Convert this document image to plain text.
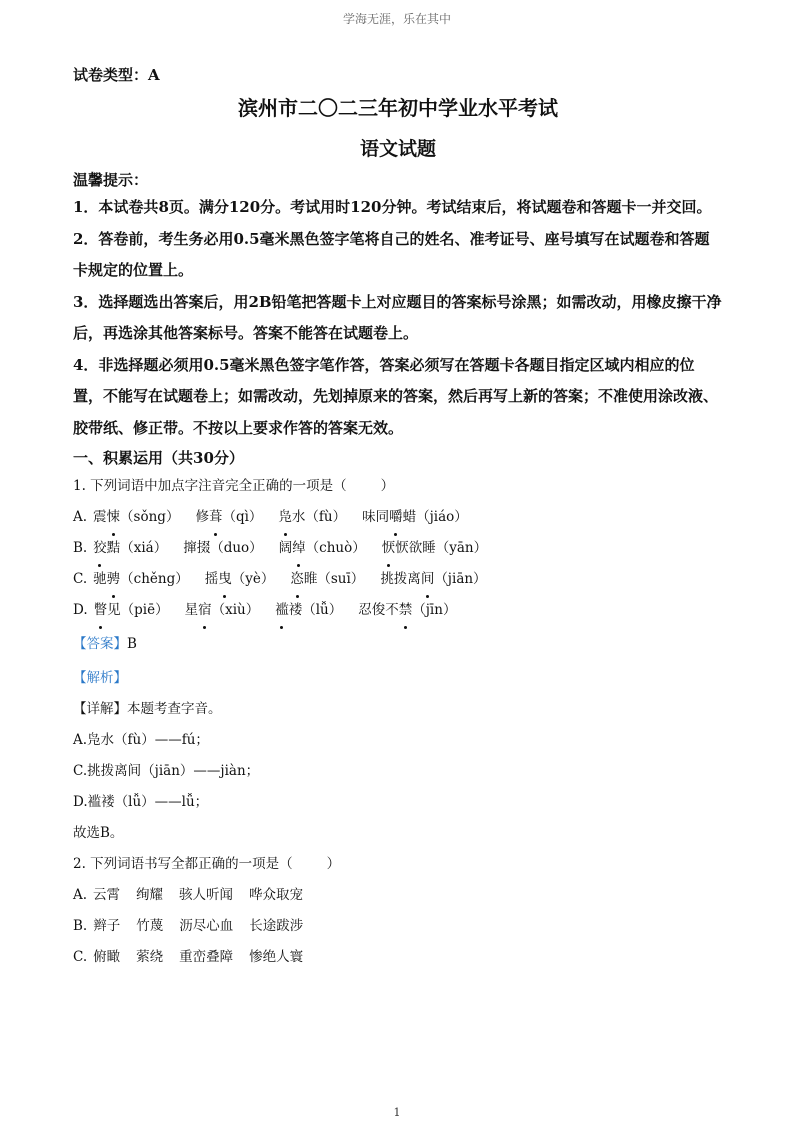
学海无涯，乐在其中
试卷类型：A
滨州市二〇二三年初中学业水平考试
语文试题
温馨提示：

1．本试卷共8页。满分120分。考试用时120分钟。考试结束后，将试题卷和答题卡一并交回。

2．答卷前，考生务必用0.5毫米黑色签字笔将自己的姓名、准考证号、座号填写在试题卷和答题卡规定的位置上。

3．选择题选出答案后，用2B铅笔把答题卡上对应题目的答案标号涂黑；如需改动，用橡皮擦干净后，再选涂其他答案标号。答案不能答在试题卷上。

4．非选择题必须用0.5毫米黑色签字笔作答，答案必须写在答题卡各题目指定区域内相应的位置，不能写在试题卷上；如需改动，先划掉原来的答案，然后再写上新的答案；不准使用涂改液、胶带纸、修正带。不按以上要求作答的答案无效。

一、积累运用（共30分）
1. 下列词语中加点字注音完全正确的一项是（	）
A. 震悚（sǒng） 修葺（qì） 凫水（fù） 味同嚼蜡（jiáo）
B. 狡黠（xiá） 撺掇（duo） 阔绰（chuò） 恹恹欲睡（yān）
C. 驰骋（chěng） 摇曳（yè） 恣睢（suī） 挑拨离间（jiān）
D. 瞥见（piē） 星宿（xiù） 褴褛（lǚ） 忍俊不禁（jīn）
【答案】B
【解析】
【详解】本题考查字音。
A.凫水（fù）——fú；
C.挑拨离间（jiān）——jiàn；
D.褴褛（lǚ）——lǚ；
故选B。
2. 下列词语书写全都正确的一项是（	）
A. 云霄 绚耀 骇人听闻 哗众取宠
B. 辫子 竹蔑 沥尽心血 长途跋涉
C. 俯瞰 萦绕 重峦叠障 惨绝人寰
1
